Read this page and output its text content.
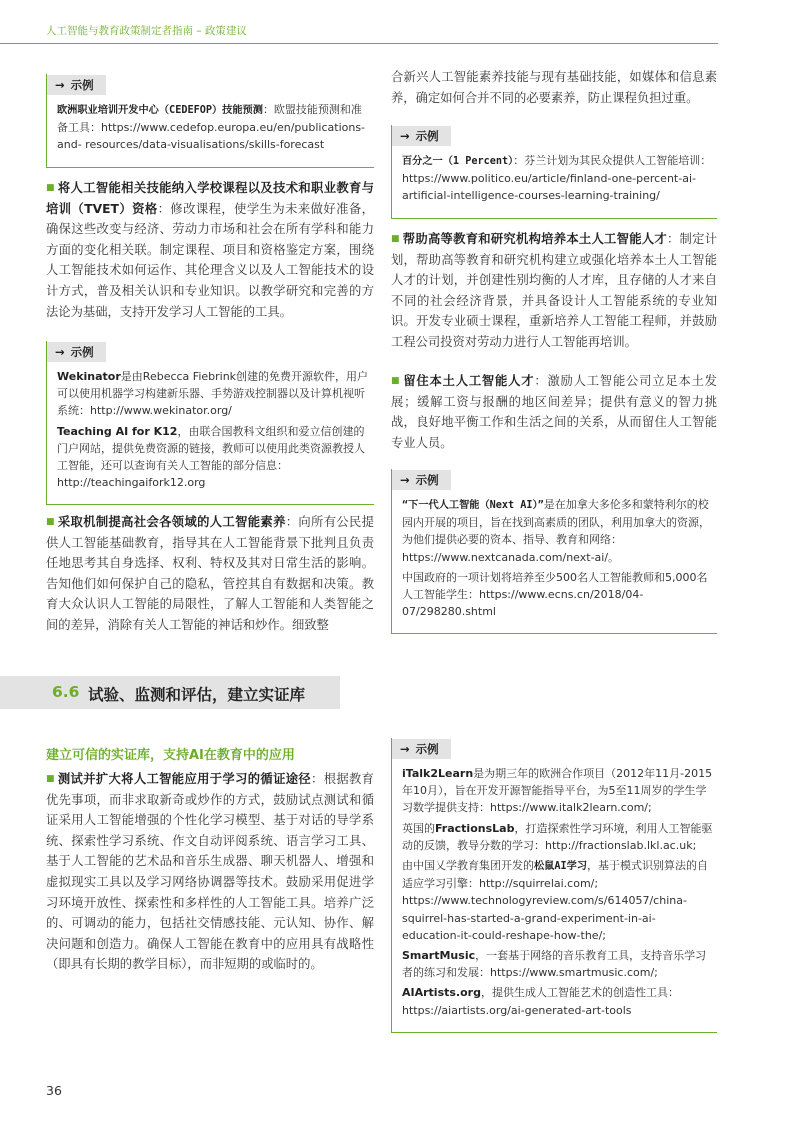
人工智能与教育政策制定者指南 – 政策建议
→ 示例

欧洲职业培训开发中心（CEDEFOP）技能预测：欧盟技能预测和准备工具：https://www.cedefop.europa.eu/en/publications-and- resources/data-visualisations/skills-forecast

■ 将人工智能相关技能纳入学校课程以及技术和职业教育与培训（TVET）资格：修改课程，使学生为未来做好准备，确保这些改变与经济、劳动力市场和社会在所有学科和能力方面的变化相关联。制定课程、项目和资格鉴定方案，围绕人工智能技术如何运作、其伦理含义以及人工智能技术的设计方式，普及相关认识和专业知识。以教学研究和完善的方法论为基础，支持开发学习人工智能的工具。

→ 示例

Wekinator是由Rebecca Fiebrink创建的免费开源软件，用户可以使用机器学习构建新乐器、手势游戏控制器以及计算机视听系统：http://www.wekinator.org/

Teaching AI for K12，由联合国教科文组织和爱立信创建的门户网站，提供免费资源的链接，教师可以使用此类资源教授人工智能，还可以查询有关人工智能的部分信息：http://teachingaifork12.org

■ 采取机制提高社会各领域的人工智能素养：向所有公民提供人工智能基础教育，指导其在人工智能背景下批判且负责任地思考其自身选择、权利、特权及其对日常生活的影响。告知他们如何保护自己的隐私，管控其自有数据和决策。教育大众认识人工智能的局限性，了解人工智能和人类智能之间的差异，消除有关人工智能的神话和炒作。细致整

合新兴人工智能素养技能与现有基础技能，如媒体和信息素养，确定如何合并不同的必要素养，防止课程负担过重。

→ 示例

百分之一（1 Percent）：芬兰计划为其民众提供人工智能培训：https://www.politico.eu/article/finland-one-percent-ai-artificial-intelligence-courses-learning-training/

■ 帮助高等教育和研究机构培养本土人工智能人才：制定计划，帮助高等教育和研究机构建立或强化培养本土人工智能人才的计划，并创建性别均衡的人才库，且存储的人才来自不同的社会经济背景，并具备设计人工智能系统的专业知识。开发专业硕士课程，重新培养人工智能工程师，并鼓励工程公司投资对劳动力进行人工智能再培训。

■ 留住本土人工智能人才：激励人工智能公司立足本土发展；缓解工资与报酬的地区间差异；提供有意义的智力挑战，良好地平衡工作和生活之间的关系，从而留住人工智能专业人员。

→ 示例

“下一代人工智能（Next AI）”是在加拿大多伦多和蒙特利尔的校园内开展的项目，旨在找到高素质的团队，利用加拿大的资源，为他们提供必要的资本、指导、教育和网络：https://www.nextcanada.com/next-ai/。

中国政府的一项计划将培养至少500名人工智能教师和5,000名人工智能学生：https://www.ecns.cn/2018/04-07/298280.shtml

6.6 试验、监测和评估，建立实证库
建立可信的实证库，支持AI在教育中的应用

■ 测试并扩大将人工智能应用于学习的循证途径：根据教育优先事项，而非求取新奇或炒作的方式，鼓励试点测试和循证采用人工智能增强的个性化学习模型、基于对话的导学系统、探索性学习系统、作文自动评阅系统、语言学习工具、基于人工智能的艺术品和音乐生成器、聊天机器人、增强和虚拟现实工具以及学习网络协调器等技术。鼓励采用促进学习环境开放性、探索性和多样性的人工智能工具。培养广泛的、可调动的能力，包括社交情感技能、元认知、协作、解决问题和创造力。确保人工智能在教育中的应用具有战略性（即具有长期的教学目标），而非短期的或临时的。

→ 示例

iTalk2Learn是为期三年的欧洲合作项目（2012年11月-2015年10月），旨在开发开源智能指导平台，为5至11周岁的学生学习数学提供支持：https://www.italk2learn.com/;

英国的FractionsLab，打造探索性学习环境，利用人工智能驱动的反馈，教导分数的学习：http://fractionslab.lkl.ac.uk;

由中国乂学教育集团开发的松鼠AI学习，基于模式识别算法的自适应学习引擎：http://squirrelai.com/; https://www.technologyreview.com/s/614057/china-squirrel-has-started-a-grand-experiment-in-ai-education-it-could-reshape-how-the/;

SmartMusic，一套基于网络的音乐教育工具，支持音乐学习者的练习和发展：https://www.smartmusic.com/;

AIArtists.org，提供生成人工智能艺术的创造性工具：https://aiartists.org/ai-generated-art-tools

36
